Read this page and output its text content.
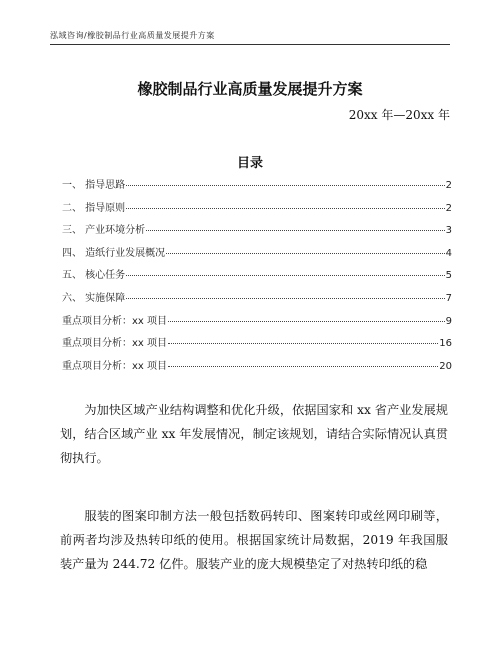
泓域咨询/橡胶制品行业高质量发展提升方案
橡胶制品行业高质量发展提升方案
20xx 年—20xx 年
目录
一、 指导思路	2
二、 指导原则	2
三、 产业环境分析	3
四、 造纸行业发展概况	4
五、 核心任务	5
六、 实施保障	7
重点项目分析：xx 项目	9
重点项目分析：xx 项目	16
重点项目分析：xx 项目	20

为加快区域产业结构调整和优化升级，依据国家和 xx 省产业发展规划，结合区域产业 xx 年发展情况，制定该规划，请结合实际情况认真贯彻执行。

服装的图案印制方法一般包括数码转印、图案转印或丝网印刷等，前两者均涉及热转印纸的使用。根据国家统计局数据，2019 年我国服装产量为 244.72 亿件。服装产业的庞大规模垫定了对热转印纸的稳
